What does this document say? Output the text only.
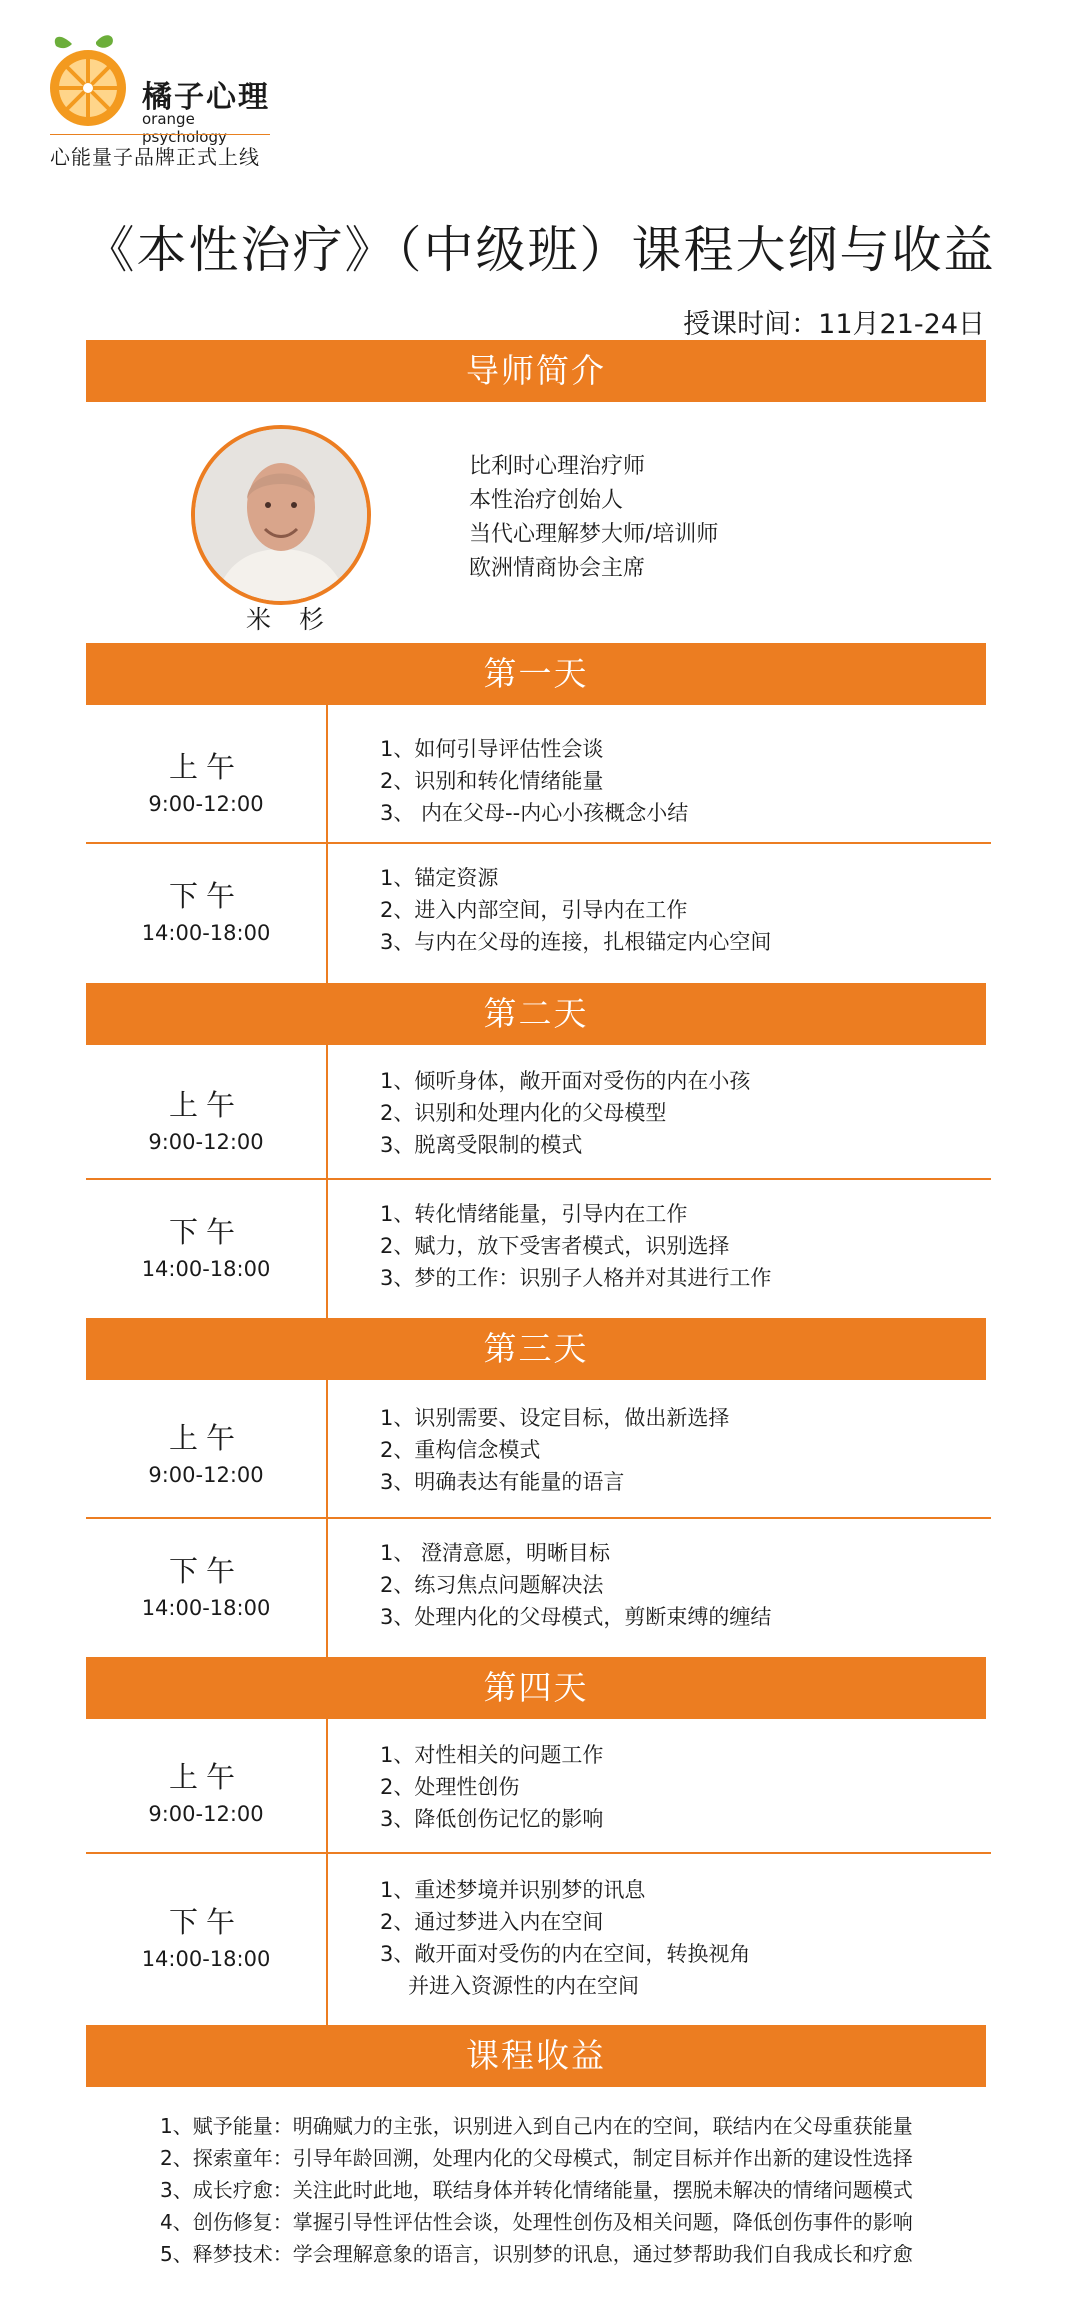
橘子心理
orange psychology
心能量子品牌正式上线
《本性治疗》（中级班）课程大纲与收益
授课时间：11月21-24日
导师简介
米 杉
比利时心理治疗师
本性治疗创始人
当代心理解梦大师/培训师
欧洲情商协会主席
第一天
上午
9:00-12:00
1、如何引导评估性会谈
2、识别和转化情绪能量
3、 内在父母--内心小孩概念小结
下午
14:00-18:00
1、锚定资源
2、进入内部空间，引导内在工作
3、与内在父母的连接，扎根锚定内心空间
第二天
上午
9:00-12:00
1、倾听身体，敞开面对受伤的内在小孩
2、识别和处理内化的父母模型
3、脱离受限制的模式
下午
14:00-18:00
1、转化情绪能量，引导内在工作
2、赋力，放下受害者模式，识别选择
3、梦的工作：识别子人格并对其进行工作
第三天
上午
9:00-12:00
1、识别需要、设定目标，做出新选择
2、重构信念模式
3、明确表达有能量的语言
下午
14:00-18:00
1、 澄清意愿，明晰目标
2、练习焦点问题解决法
3、处理内化的父母模式，剪断束缚的缠结
第四天
上午
9:00-12:00
1、对性相关的问题工作
2、处理性创伤
3、降低创伤记忆的影响
下午
14:00-18:00
1、重述梦境并识别梦的讯息
2、通过梦进入内在空间
3、敞开面对受伤的内在空间，转换视角
并进入资源性的内在空间
课程收益
1、赋予能量：明确赋力的主张，识别进入到自己内在的空间，联结内在父母重获能量
2、探索童年：引导年龄回溯，处理内化的父母模式，制定目标并作出新的建设性选择
3、成长疗愈：关注此时此地，联结身体并转化情绪能量，摆脱未解决的情绪问题模式
4、创伤修复：掌握引导性评估性会谈，处理性创伤及相关问题，降低创伤事件的影响
5、释梦技术：学会理解意象的语言，识别梦的讯息，通过梦帮助我们自我成长和疗愈
